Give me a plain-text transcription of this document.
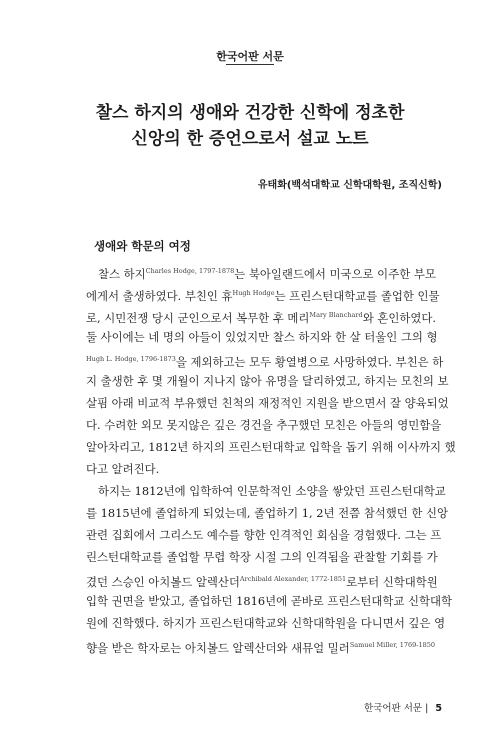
한국어판 서문
찰스 하지의 생애와 건강한 신학에 정초한
신앙의 한 증언으로서 설교 노트
유태화(백석대학교 신학대학원, 조직신학)
생애와 학문의 여정
찰스 하지$^{Charles Hodge, 1797-1878}$는 북아일랜드에서 미국으로 이주한 부모
에게서 출생하였다. 부친인 휴$^{Hugh Hodge}$는 프린스턴대학교를 졸업한 인물
로, 시민전쟁 당시 군인으로서 복무한 후 메리$^{Mary Blanchard}$와 혼인하였다.
둘 사이에는 네 명의 아들이 있었지만 찰스 하지와 한 살 터울인 그의 형
$^{Hugh L. Hodge, 1796-1873}$을 제외하고는 모두 황열병으로 사망하였다. 부친은 하
지 출생한 후 몇 개월이 지나지 않아 유명을 달리하였고, 하지는 모친의 보
살핌 아래 비교적 부유했던 친척의 재정적인 지원을 받으면서 잘 양육되었
다. 수려한 외모 못지않은 깊은 경건을 추구했던 모친은 아들의 영민함을
알아차리고, 1812년 하지의 프린스턴대학교 입학을 돕기 위해 이사까지 했
다고 알려진다.
하지는 1812년에 입학하여 인문학적인 소양을 쌓았던 프린스턴대학교
를 1815년에 졸업하게 되었는데, 졸업하기 1, 2년 전쯤 참석했던 한 신앙
관련 집회에서 그리스도 예수를 향한 인격적인 회심을 경험했다. 그는 프
린스턴대학교를 졸업할 무렵 학장 시절 그의 인격됨을 관찰할 기회를 가
겼던 스승인 아치볼드 알렉산더$^{Archibald Alexander, 1772-1851}$로부터 신학대학원
입학 권면을 받았고, 졸업하던 1816년에 곧바로 프린스턴대학교 신학대학
원에 진학했다. 하지가 프린스턴대학교와 신학대학원을 다니면서 깊은 영
향을 받은 학자로는 아치볼드 알렉산더와 새뮤얼 밀러$^{Samuel Miller, 1769-1850}$
한국어판 서문 | 5
